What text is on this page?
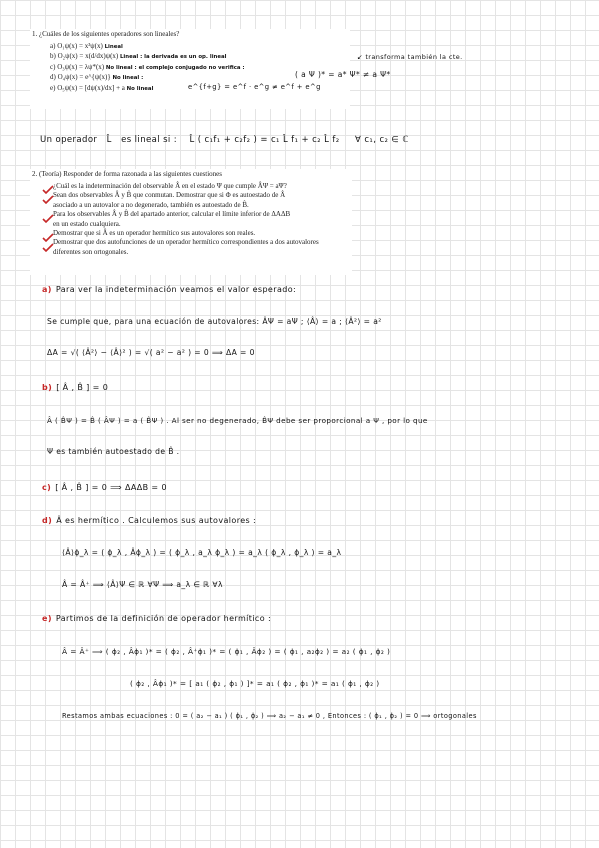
1. ¿Cuáles de los siguientes operadores son lineales?
a) O₁ψ(x) = x³ψ(x) Lineal
b) O₂ψ(x) = x(d/dx)ψ(x) Lineal : la derivada es un op. lineal
c) O₃ψ(x) = λψ*(x) No lineal : el complejo conjugado no verifica :
d) O₄ψ(x) = e^{ψ(x)} No lineal :
e) O₅ψ(x) = [dψ(x)/dx] + a No lineal
( a Ψ )* = a* Ψ* ≠ a Ψ*
↙ transforma también la cte.
e^{f+g} = e^f · e^g ≠ e^f + e^g
Un operador L̂ es lineal si : L̂ ( c₁f₁ + c₂f₂ ) = c₁ L̂ f₁ + c₂ L̂ f₂ ∀ c₁, c₂ ∈ ℂ
2. (Teoría) Responder de forma razonada a las siguientes cuestiones
¿Cuál es la indeterminación del observable Â en el estado Ψ que cumple ÂΨ = aΨ?
Sean dos observables Â y B̂ que conmutan. Demostrar que si Φ es autoestado de Â
asociado a un autovalor a no degenerado, también es autoestado de B̂.
Para los observables Â y B̂ del apartado anterior, calcular el límite inferior de ΔAΔB
en un estado cualquiera.
Demostrar que si Â es un operador hermítico sus autovalores son reales.
Demostrar que dos autofunciones de un operador hermítico correspondientes a dos autovalores
diferentes son ortogonales.
a) Para ver la indeterminación veamos el valor esperado:
Se cumple que, para una ecuación de autovalores: ÂΨ = aΨ ; ⟨Â⟩ = a ; ⟨Â²⟩ = a²
ΔA = √( ⟨Â²⟩ − ⟨Â⟩² ) = √( a² − a² ) = 0 ⟹ ΔA = 0
b) [ Â , B̂ ] = 0
Â ( B̂Ψ ) = B̂ ( ÂΨ ) = a ( B̂Ψ ) . Al ser no degenerado, B̂Ψ debe ser proporcional a Ψ , por lo que
Ψ es también autoestado de B̂ .
c) [ Â , B̂ ] = 0 ⟹ ΔAΔB = 0
d) Â es hermítico . Calculemos sus autovalores :
⟨Â⟩ϕ_λ = ( ϕ_λ , Âϕ_λ ) = ( ϕ_λ , a_λ ϕ_λ ) = a_λ ( ϕ_λ , ϕ_λ ) = a_λ
Â = Â⁺ ⟹ ⟨Â⟩Ψ ∈ ℝ ∀Ψ ⟹ a_λ ∈ ℝ ∀λ
e) Partimos de la definición de operador hermítico :
Â = Â⁺ ⟹ ( ϕ₂ , Âϕ₁ )* = ( ϕ₂ , Â⁺ϕ₁ )* = ( ϕ₁ , Âϕ₂ ) = ( ϕ₁ , a₂ϕ₂ ) = a₂ ( ϕ₁ , ϕ₂ )
( ϕ₂ , Âϕ₁ )* = [ a₁ ( ϕ₂ , ϕ₁ ) ]* = a₁ ( ϕ₂ , ϕ₁ )* = a₁ ( ϕ₁ , ϕ₂ )
Restamos ambas ecuaciones : 0 = ( a₂ − a₁ ) ( ϕ₁ , ϕ₂ ) ⟹ a₂ − a₁ ≠ 0 , Entonces : ( ϕ₁ , ϕ₂ ) = 0 ⟹ ortogonales
